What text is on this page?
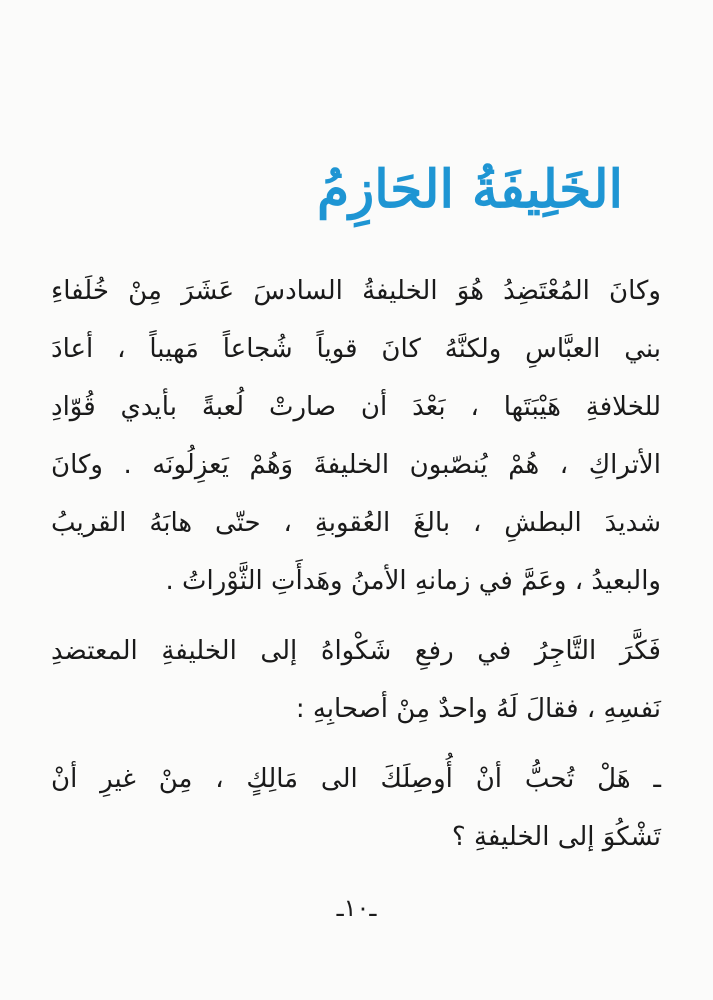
الخَلِيفَةُ الحَازِمُ
وكانَ المُعْتَضِدُ هُوَ الخليفةُ السادسَ عَشَرَ مِنْ خُلَفاءِ
بني العبَّاسِ ولكنَّهُ كانَ قوياً شُجاعاً مَهيباً ، أعادَ
للخلافةِ هَيْبَتَها ، بَعْدَ أن صارتْ لُعبةً بأيدي قُوّادِ
الأتراكِ ، هُمْ يُنصّبون الخليفةَ وَهُمْ يَعزِلُونَه . وكانَ
شديدَ البطشِ ، بالغَ العُقوبةِ ، حتّى هابَهُ القريبُ
والبعيدُ ، وعَمَّ في زمانهِ الأمنُ وهَدأَتِ الثَّوْراتُ .
فَكَّرَ التَّاجِرُ في رفعِ شَكْواهُ إلى الخليفةِ المعتضدِ
نَفسِهِ ، فقالَ لَهُ واحدٌ مِنْ أصحابِهِ :
ـ هَلْ تُحبُّ أنْ أُوصِلَكَ الى مَالِكٍ ، مِنْ غيرِ أنْ
تَشْكُوَ إلى الخليفةِ ؟
ـ١٠ـ
